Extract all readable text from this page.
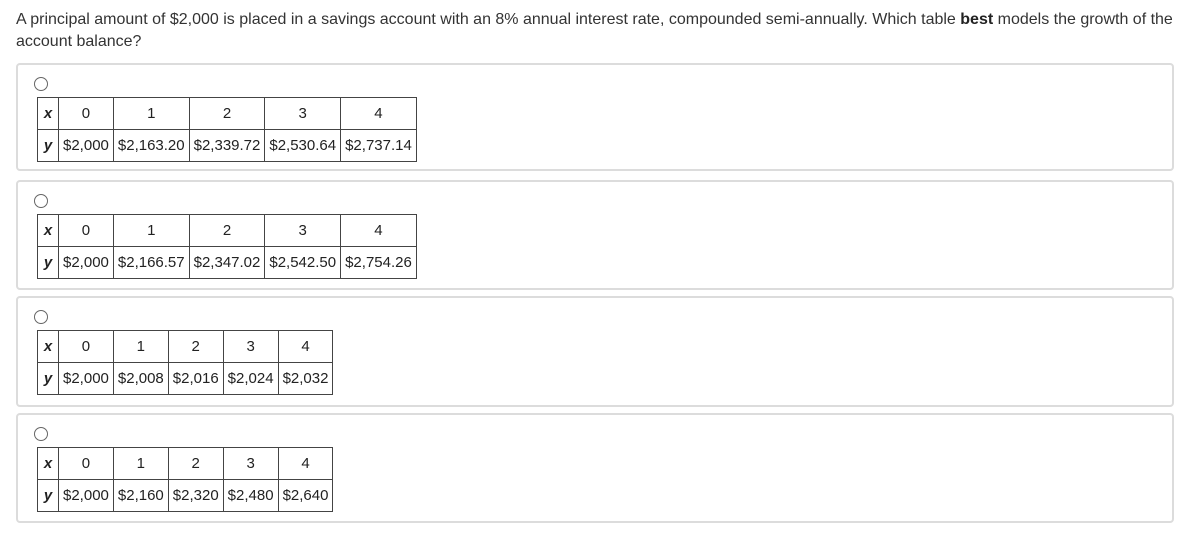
A principal amount of $2,000 is placed in a savings account with an 8% annual interest rate, compounded semi-annually. Which table best models the growth of the account balance?
x	0	1	2	3	4
y	$2,000	$2,163.20	$2,339.72	$2,530.64	$2,737.14
x	0	1	2	3	4
y	$2,000	$2,166.57	$2,347.02	$2,542.50	$2,754.26
x	0	1	2	3	4
y	$2,000	$2,008	$2,016	$2,024	$2,032
x	0	1	2	3	4
y	$2,000	$2,160	$2,320	$2,480	$2,640
